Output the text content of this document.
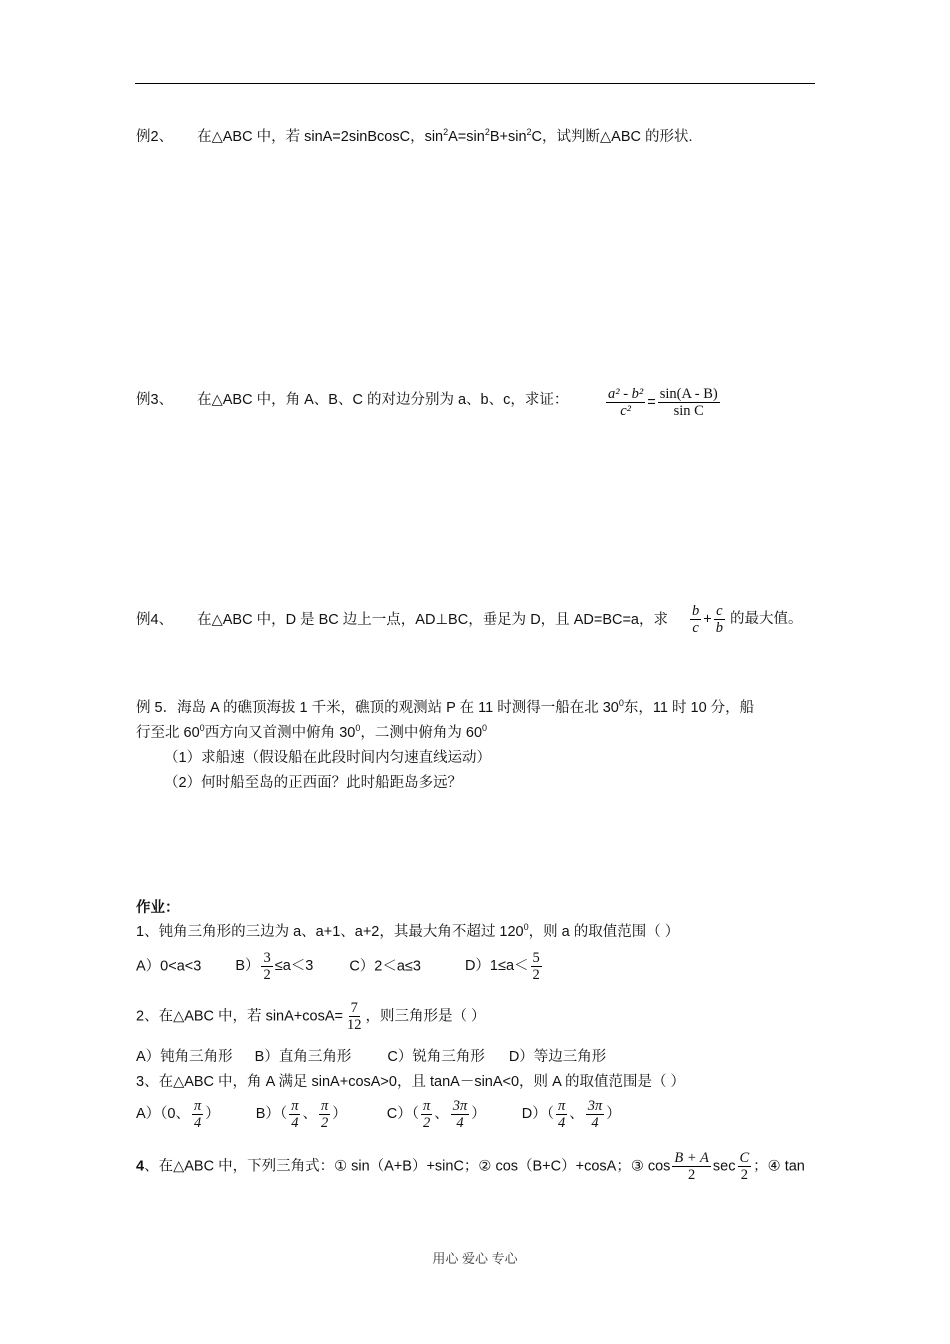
例2、 在△ABC 中，若 sinA=2sinBcosC，$\sin^2A=\sin^2B+\sin^2C$，试判断△ABC 的形状.
例3、 在△ABC 中，角 A、B、C 的对边分别为 a、b、c，求证：	$\frac{\text{a² - b²}}{\text{c²}} = \frac{\sin(A - B)}{\text{sin C}}$
例4、 在△ABC 中，D 是 BC 边上一点，AD⊥BC，垂足为 D，且 AD=BC=a，求 $\frac{b}{c} + \frac{c}{b}$ 的最大值。
例 5．海岛 A 的礁顶海拔 1 千米，礁顶的观测站 P 在 11 时测得一船在北 $30^0$东，11 时 10 分，船
行至北 $60^0$西方向又首测中俯角 $30^0$，二测中俯角为 $60^0$
（1）求船速（假设船在此段时间内匀速直线运动）
（2）何时船至岛的正西面？此时船距岛多远？
作业：
1、钝角三角形的三边为 a、a+1、a+2，其最大角不超过 $120^0$，则 a 的取值范围（ ）
A）0<a<3 $B) \frac{3}{2} \le a<3$ C）2＜a≤3	$D)1\le a< \frac{5}{2}$
2、在△ABC 中，若 $\sin A+\cos A= \frac{7}{12}$ ，则三角形是（ ）
A）钝角三角形 B）直角三角形 C）锐角三角形 D）等边三角形
3、在△ABC 中，角 A 满足 sinA+cosA>0，且 tanA－sinA<0，则 A 的取值范围是（ ）
A）（0、 $\frac{\pi}{4}$ ） $B)( \frac{\pi}{4}$ 、 $\frac{\pi}{2}$ ）	$C)( \frac{\pi}{2}$ 、 $\frac{3\pi}{4}$ ） $D)( \frac{\pi}{4}$ 、 $\frac{3\pi}{4}$ ）
4、在△ABC 中，下列三角式：① sin（A+B）+sinC；② cos（B+C）+cosA；③ $\cos \frac{B + A}{2}$ $\sec \frac{C}{2}$ ；④ tan
用心 爱心 专心
